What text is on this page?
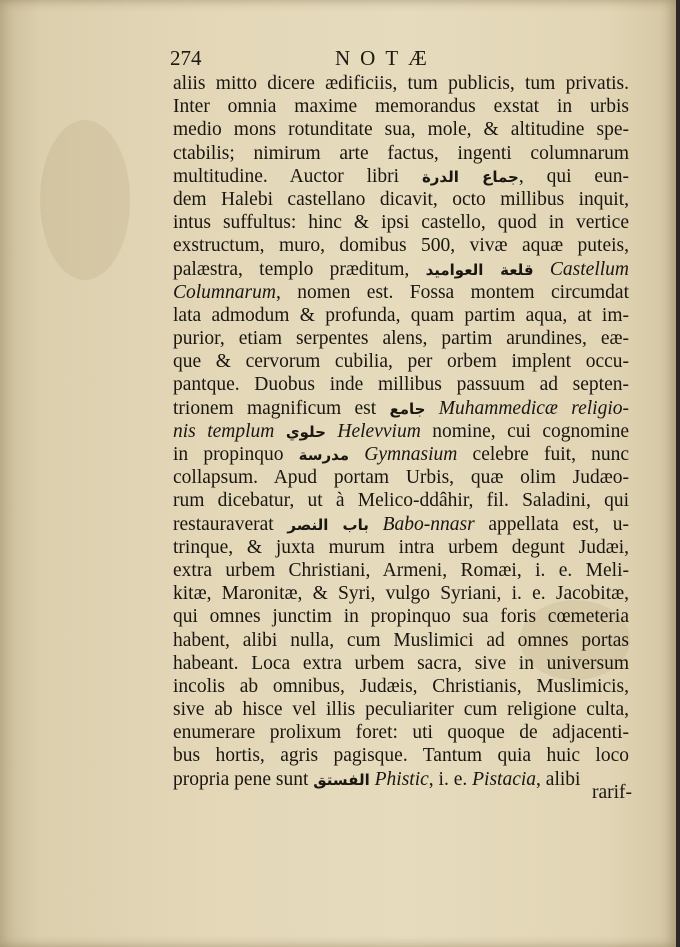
274	NOTÆ
aliis mitto dicere ædificiis, tum publicis, tum privatis.
Inter omnia maxime memorandus exstat in urbis
medio mons rotunditate sua, mole, & altitudine spe-
ctabilis; nimirum arte factus, ingenti columnarum
multitudine. Auctor libri جماع الدرة, qui eun-
dem Halebi castellano dicavit, octo millibus inquit,
intus suffultus: hinc & ipsi castello, quod in vertice
exstructum, muro, domibus 500, vivæ aquæ puteis,
palæstra, templo præditum, قلعة العواميد Castellum
Columnarum, nomen est. Fossa montem circumdat
lata admodum & profunda, quam partim aqua, at im-
purior, etiam serpentes alens, partim arundines, eæ-
que & cervorum cubilia, per orbem implent occu-
pantque. Duobus inde millibus passuum ad septen-
trionem magnificum est جامع Muhammedicæ religio-
nis templum حلوي Helevvium nomine, cui cognomine
in propinquo مدرسة Gymnasium celebre fuit, nunc
collapsum. Apud portam Urbis, quæ olim Judæo-
rum dicebatur, ut à Melico-ddâhir, fil. Saladini, qui
restauraverat باب النصر Babo-nnasr appellata est, u-
trinque, & juxta murum intra urbem degunt Judæi,
extra urbem Christiani, Armeni, Romæi, i. e. Meli-
kitæ, Maronitæ, & Syri, vulgo Syriani, i. e. Jacobitæ,
qui omnes junctim in propinquo sua foris cœmeteria
habent, alibi nulla, cum Muslimici ad omnes portas
habeant. Loca extra urbem sacra, sive in universum
incolis ab omnibus, Judæis, Christianis, Muslimicis,
sive ab hisce vel illis peculiariter cum religione culta,
enumerare prolixum foret: uti quoque de adjacenti-
bus hortis, agris pagisque. Tantum quia huic loco
propria pene sunt الفستق Phistic, i. e. Pistacia, alibi
rarif-
